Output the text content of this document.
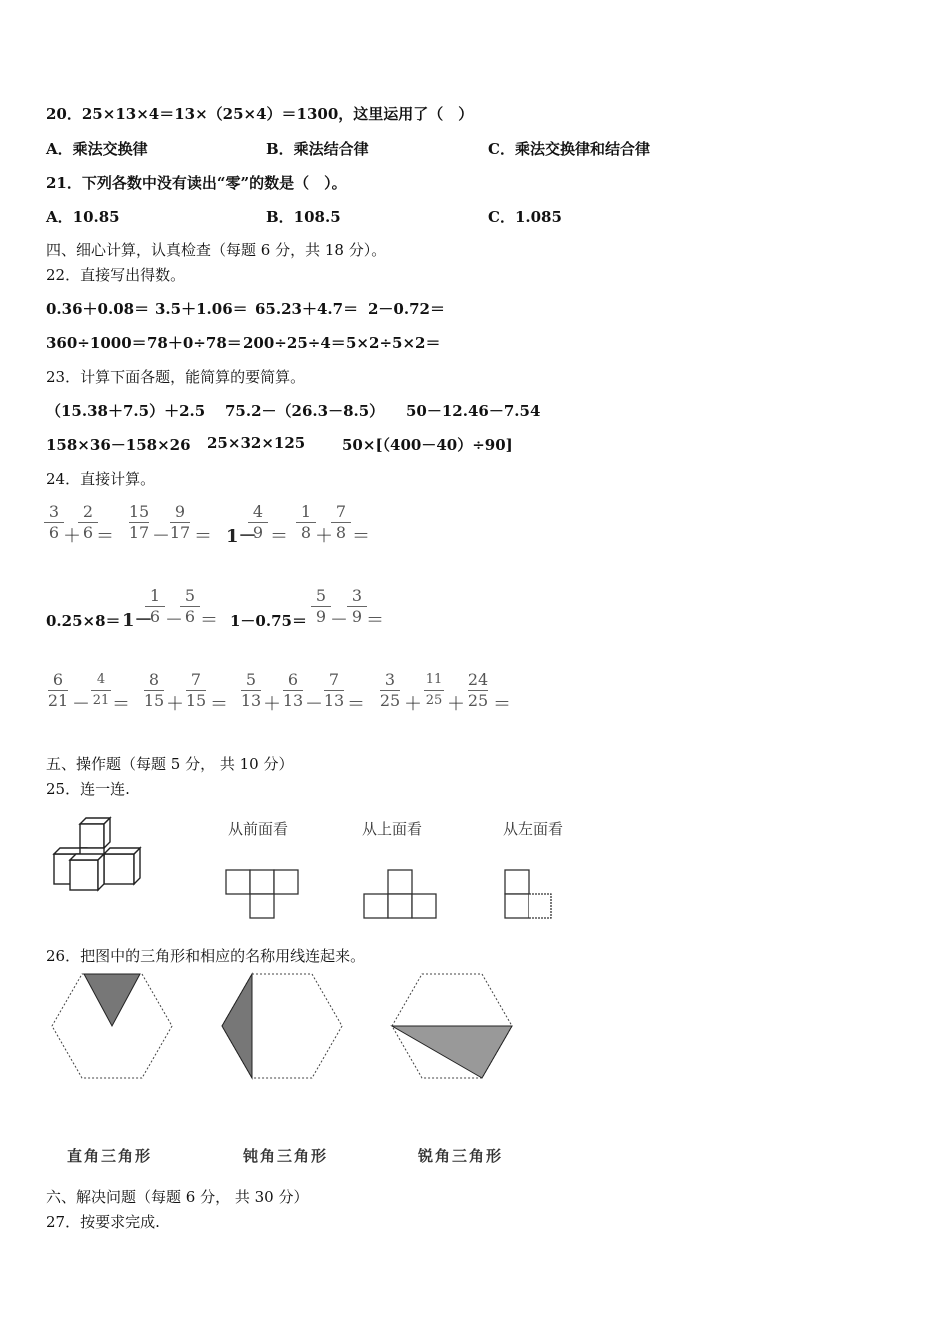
20．25×13×4＝13×（25×4）＝1300，这里运用了（　）
A．乘法交换律	B．乘法结合律	C．乘法交换律和结合律
21．下列各数中没有读出“零”的数是（　）。
A．10.85	B．108.5	C．1.085
四、细心计算，认真检查（每题 6 分，共 18 分）。
22．直接写出得数。
0.36＋0.08＝ 3.5＋1.06＝ 65.23＋4.7＝ 2－0.72＝
360÷1000＝ 78＋0÷78＝ 200÷25÷4＝ 5×2÷5×2＝
23．计算下面各题，能简算的要简算。
（15.38＋7.5）＋2.5 75.2－（26.3－8.5） 50－12.46－7.54
158×36－158×26 25×32×125 50×[（400－40）÷90]
24．直接计算。
3
6 ＋
2
6 ＝
15
17 －
9
17 ＝ 1－
4
9 ＝
1
8 ＋
7
8 ＝
0.25×8＝ 1－
1
6 －
5
6 ＝ 1－0.75＝
5
9 －
3
9 ＝
6
21 －
4
21 ＝
8
15 ＋
7
15 ＝
5
13 ＋
6
13 －
7
13 ＝
3
25 ＋
11
25 ＋
24
25 ＝
五、操作题（每题 5 分， 共 10 分）
25．连一连.
从前面看	从上面看	从左面看
26．把图中的三角形和相应的名称用线连起来。
直角三角形	钝角三角形	锐角三角形
六、解决问题（每题 6 分， 共 30 分）
27．按要求完成.
